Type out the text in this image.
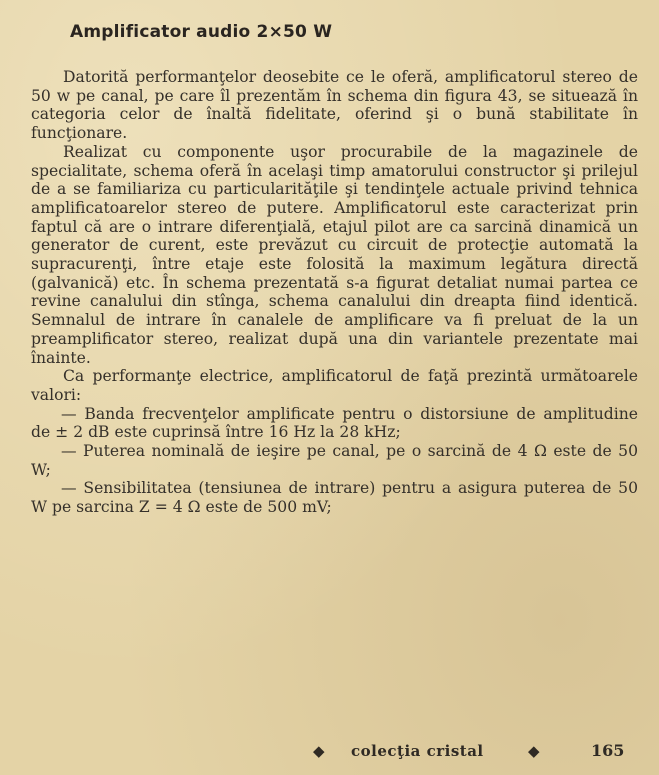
Amplificator audio 2×50 W

Datorită performanţelor deosebite ce le oferă, amplificatorul stereo de 50 w pe canal, pe care îl prezentăm în schema din figura 43, se situează în categoria celor de înaltă fidelitate, oferind şi o bună stabilitate în funcţionare.

Realizat cu componente uşor procurabile de la magazinele de specialitate, schema oferă în acelaşi timp amatorului constructor şi prilejul de a se familiariza cu particularităţile şi tendinţele actuale privind tehnica amplificatoarelor stereo de putere. Amplificatorul este caracterizat prin faptul că are o intrare diferenţială, etajul pilot are ca sarcină dinamică un generator de curent, este prevăzut cu circuit de protecţie automată la supracurenţi, între etaje este folosită la maximum legătura directă (galvanică) etc. În schema prezentată s-a figurat detaliat numai partea ce revine canalului din stînga, schema canalului din dreapta fiind identică. Semnalul de intrare în canalele de amplificare va fi preluat de la un preamplificator stereo, realizat după una din variantele prezentate mai înainte.

Ca performanţe electrice, amplificatorul de faţă prezintă următoarele valori:

— Banda frecvenţelor amplificate pentru o distorsiune de amplitudine de ± 2 dB este cuprinsă între 16 Hz la 28 kHz;

— Puterea nominală de ieşire pe canal, pe o sarcină de 4 Ω este de 50 W;

— Sensibilitatea (tensiunea de intrare) pentru a asigura puterea de 50 W pe sarcina Z = 4 Ω este de 500 mV;

◆ colecţia cristal	◆	165
